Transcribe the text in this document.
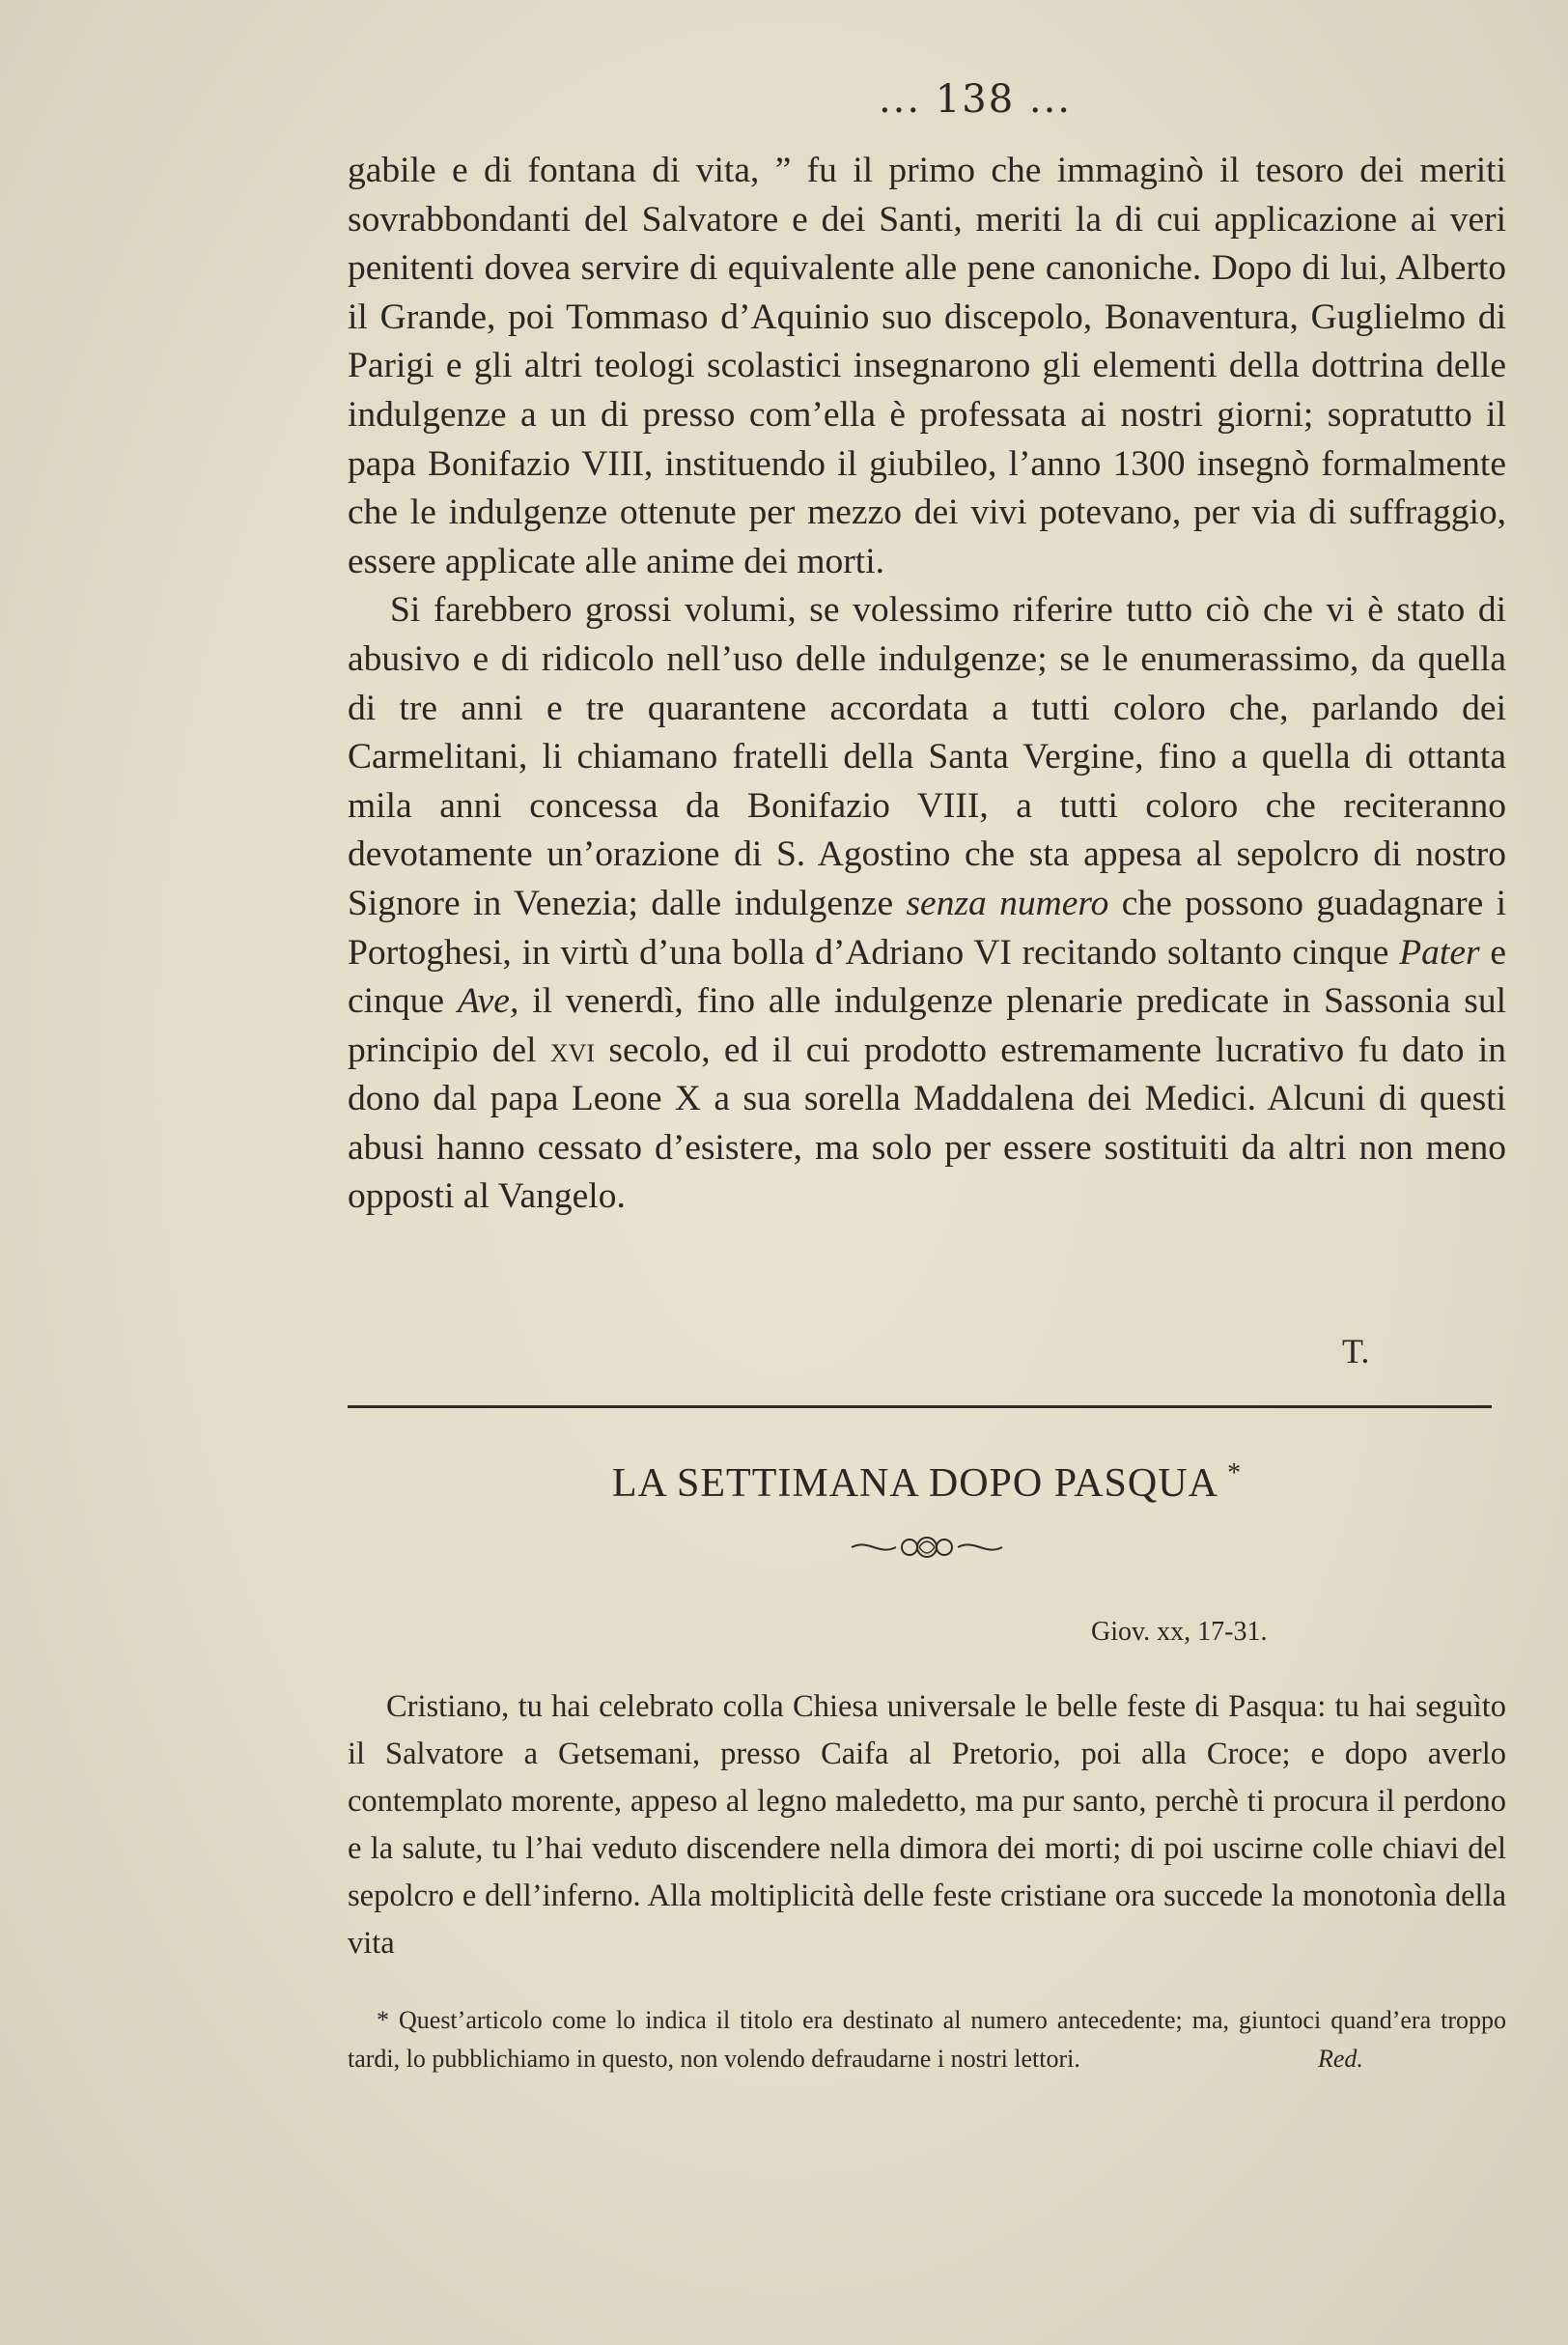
... 138 ...

gabile e di fontana di vita, ” fu il primo che immaginò il tesoro dei meriti sovrabbondanti del Salvatore e dei Santi, meriti la di cui applicazione ai veri penitenti dovea servire di equivalente alle pene canoniche. Dopo di lui, Alberto il Grande, poi Tommaso d’Aquinio suo discepolo, Bonaventura, Guglielmo di Parigi e gli altri teologi scolastici insegnarono gli elementi della dottrina delle indulgenze a un di presso com’ella è professata ai nostri giorni; sopratutto il papa Bonifazio VIII, instituendo il giubileo, l’anno 1300 insegnò formalmente che le indulgenze ottenute per mezzo dei vivi potevano, per via di suffraggio, essere applicate alle anime dei morti.

Si farebbero grossi volumi, se volessimo riferire tutto ciò che vi è stato di abusivo e di ridicolo nell’uso delle indulgenze; se le enumerassimo, da quella di tre anni e tre quarantene accordata a tutti coloro che, parlando dei Carmelitani, li chiamano fratelli della Santa Vergine, fino a quella di ottanta mila anni concessa da Bonifazio VIII, a tutti coloro che reciteranno devotamente un’orazione di S. Agostino che sta appesa al sepolcro di nostro Signore in Venezia; dalle indulgenze senza numero che possono guadagnare i Portoghesi, in virtù d’una bolla d’Adriano VI recitando soltanto cinque Pater e cinque Ave, il venerdì, fino alle indulgenze plenarie predicate in Sassonia sul principio del xvi secolo, ed il cui prodotto estremamente lucrativo fu dato in dono dal papa Leone X a sua sorella Maddalena dei Medici. Alcuni di questi abusi hanno cessato d’esistere, ma solo per essere sostituiti da altri non meno opposti al Vangelo.

T.
LA SETTIMANA DOPO PASQUA *
Giov. xx, 17-31.

Cristiano, tu hai celebrato colla Chiesa universale le belle feste di Pasqua: tu hai seguìto il Salvatore a Getsemani, presso Caifa al Pretorio, poi alla Croce; e dopo averlo contemplato morente, appeso al legno maledetto, ma pur santo, perchè ti procura il perdono e la salute, tu l’hai veduto discendere nella dimora dei morti; di poi uscirne colle chiavi del sepolcro e dell’inferno. Alla moltiplicità delle feste cristiane ora succede la monotonìa della vita

* Quest’articolo come lo indica il titolo era destinato al numero antecedente; ma, giuntoci quand’era troppo tardi, lo pubblichiamo in questo, non volendo defraudarne i nostri lettori.	Red.
